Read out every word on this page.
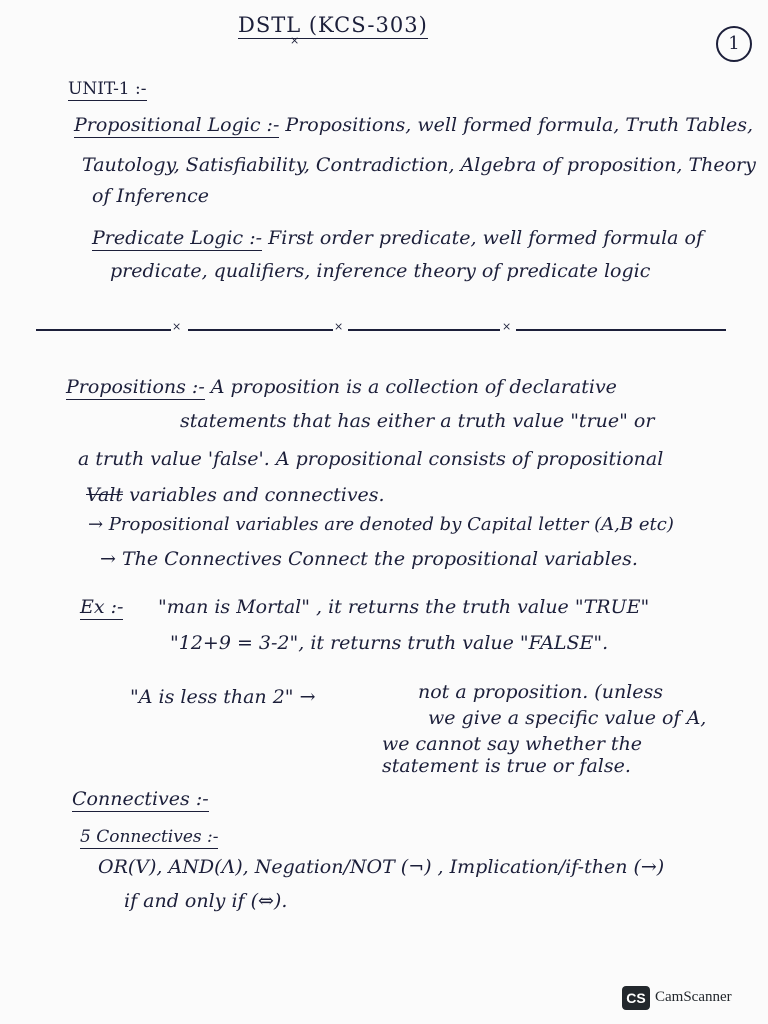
DSTL (KCS-303)
×	1
UNIT-1 :-
Propositional Logic :- Propositions, well formed formula, Truth Tables,
Tautology, Satisfiability, Contradiction, Algebra of proposition, Theory
of Inference
Predicate Logic :- First order predicate, well formed formula of
predicate, qualifiers, inference theory of predicate logic
×	×	×
Propositions :- A proposition is a collection of declarative
statements that has either a truth value "true" or
a truth value 'false'. A propositional consists of propositional
Valt variables and connectives.
→ Propositional variables are denoted by Capital letter (A,B etc)
→ The Connectives Connect the propositional variables.
Ex :- "man is Mortal" , it returns the truth value "TRUE"
"12+9 = 3-2", it returns truth value "FALSE".
"A is less than 2" →	not a proposition. (unless
we give a specific value of A,
we cannot say whether the
statement is true or false.
Connectives :-
5 Connectives :-
OR(V), AND(Λ), Negation/NOT (¬) , Implication/if-then (→)
if and only if (⇔).
CS CamScanner
